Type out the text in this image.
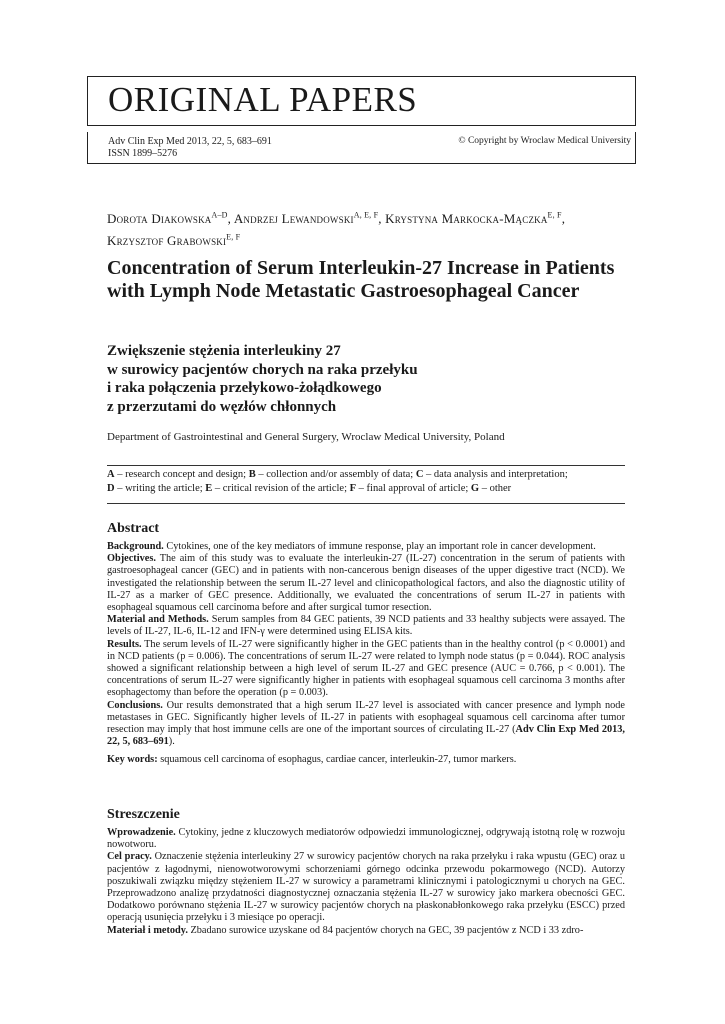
ORIGINAL PAPERS
Adv Clin Exp Med 2013, 22, 5, 683–691
ISSN 1899–5276
© Copyright by Wroclaw Medical University
Dorota Diakowska$^{A-D}$, Andrzej Lewandowski$^{A, E, F}$, Krystyna Markocka-Mączka$^{E, F}$,
Krzysztof Grabowski$^{E, F}$
Concentration of Serum Interleukin-27 Increase in Patients with Lymph Node Metastatic Gastroesophageal Cancer
Zwiększenie stężenia interleukiny 27
w surowicy pacjentów chorych na raka przełyku
i raka połączenia przełykowo-żołądkowego
z przerzutami do węzłów chłonnych
Department of Gastrointestinal and General Surgery, Wroclaw Medical University, Poland
A – research concept and design; B – collection and/or assembly of data; C – data analysis and interpretation;
D – writing the article; E – critical revision of the article; F – final approval of article; G – other
Abstract

Background. Cytokines, one of the key mediators of immune response, play an important role in cancer development.

Objectives. The aim of this study was to evaluate the interleukin-27 (IL-27) concentration in the serum of patients with gastroesophageal cancer (GEC) and in patients with non-cancerous benign diseases of the upper digestive tract (NCD). We investigated the relationship between the serum IL-27 level and clinicopathological factors, and also the diagnostic utility of IL-27 as a marker of GEC presence. Additionally, we evaluated the concentrations of serum IL-27 in patients with esophageal squamous cell carcinoma before and after surgical tumor resection.

Material and Methods. Serum samples from 84 GEC patients, 39 NCD patients and 33 healthy subjects were assayed. The levels of IL-27, IL-6, IL-12 and IFN-γ were determined using ELISA kits.

Results. The serum levels of IL-27 were significantly higher in the GEC patients than in the healthy control (p < 0.0001) and in NCD patients (p = 0.006). The concentrations of serum IL-27 were related to lymph node status (p = 0.044). ROC analysis showed a significant relationship between a high level of serum IL-27 and GEC presence (AUC = 0.766, p < 0.001). The concentrations of serum IL-27 were significantly higher in patients with esophageal squamous cell carcinoma 3 months after esophagectomy than before the operation (p = 0.003).

Conclusions. Our results demonstrated that a high serum IL-27 level is associated with cancer presence and lymph node metastases in GEC. Significantly higher levels of IL-27 in patients with esophageal squamous cell carcinoma after tumor resection may imply that host immune cells are one of the important sources of circulating IL-27 (Adv Clin Exp Med 2013, 22, 5, 683–691).

Key words: squamous cell carcinoma of esophagus, cardiae cancer, interleukin-27, tumor markers.

Streszczenie

Wprowadzenie. Cytokiny, jedne z kluczowych mediatorów odpowiedzi immunologicznej, odgrywają istotną rolę w rozwoju nowotworu.

Cel pracy. Oznaczenie stężenia interleukiny 27 w surowicy pacjentów chorych na raka przełyku i raka wpustu (GEC) oraz u pacjentów z łagodnymi, nienowotworowymi schorzeniami górnego odcinka przewodu pokarmowego (NCD). Autorzy poszukiwali związku między stężeniem IL-27 w surowicy a parametrami klinicznymi i patologicznymi u chorych na GEC. Przeprowadzono analizę przydatności diagnostycznej oznaczania stężenia IL-27 w surowicy jako markera obecności GEC. Dodatkowo porównano stężenia IL-27 w surowicy pacjentów chorych na płaskonabłonkowego raka przełyku (ESCC) przed operacją usunięcia przełyku i 3 miesiące po operacji.

Materiał i metody. Zbadano surowice uzyskane od 84 pacjentów chorych na GEC, 39 pacjentów z NCD i 33 zdro-
